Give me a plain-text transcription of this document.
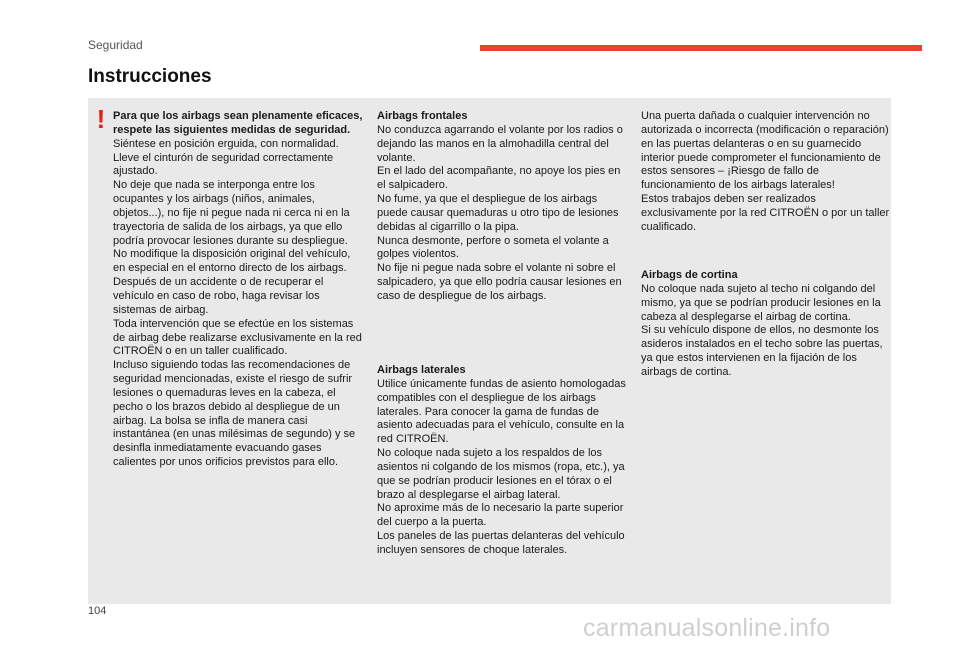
Seguridad
Instrucciones
! Para que los airbags sean plenamente eficaces, respete las siguientes medidas de seguridad.

Siéntese en posición erguida, con normalidad.

Lleve el cinturón de seguridad correctamente ajustado.

No deje que nada se interponga entre los ocupantes y los airbags (niños, animales, objetos...), no fije ni pegue nada ni cerca ni en la trayectoria de salida de los airbags, ya que ello podría provocar lesiones durante su despliegue.

No modifique la disposición original del vehículo, en especial en el entorno directo de los airbags.

Después de un accidente o de recuperar el vehículo en caso de robo, haga revisar los sistemas de airbag.

Toda intervención que se efectúe en los sistemas de airbag debe realizarse exclusivamente en la red CITROËN o en un taller cualificado.

Incluso siguiendo todas las recomendaciones de seguridad mencionadas, existe el riesgo de sufrir lesiones o quemaduras leves en la cabeza, el pecho o los brazos debido al despliegue de un airbag. La bolsa se infla de manera casi instantánea (en unas milésimas de segundo) y se desinfla inmediatamente evacuando gases calientes por unos orificios previstos para ello.

Airbags frontales

No conduzca agarrando el volante por los radios o dejando las manos en la almohadilla central del volante.

En el lado del acompañante, no apoye los pies en el salpicadero.

No fume, ya que el despliegue de los airbags puede causar quemaduras u otro tipo de lesiones debidas al cigarrillo o la pipa.

Nunca desmonte, perfore o someta el volante a golpes violentos.

No fije ni pegue nada sobre el volante ni sobre el salpicadero, ya que ello podría causar lesiones en caso de despliegue de los airbags.

Airbags laterales

Utilice únicamente fundas de asiento homologadas compatibles con el despliegue de los airbags laterales. Para conocer la gama de fundas de asiento adecuadas para el vehículo, consulte en la red CITROËN.

No coloque nada sujeto a los respaldos de los asientos ni colgando de los mismos (ropa, etc.), ya que se podrían producir lesiones en el tórax o el brazo al desplegarse el airbag lateral.

No aproxime más de lo necesario la parte superior del cuerpo a la puerta.

Los paneles de las puertas delanteras del vehículo incluyen sensores de choque laterales.

Una puerta dañada o cualquier intervención no autorizada o incorrecta (modificación o reparación) en las puertas delanteras o en su guarnecido interior puede comprometer el funcionamiento de estos sensores – ¡Riesgo de fallo de funcionamiento de los airbags laterales!

Estos trabajos deben ser realizados exclusivamente por la red CITROËN o por un taller cualificado.

Airbags de cortina

No coloque nada sujeto al techo ni colgando del mismo, ya que se podrían producir lesiones en la cabeza al desplegarse el airbag de cortina.

Si su vehículo dispone de ellos, no desmonte los asideros instalados en el techo sobre las puertas, ya que estos intervienen en la fijación de los airbags de cortina.

104
carmanualsonline.info
